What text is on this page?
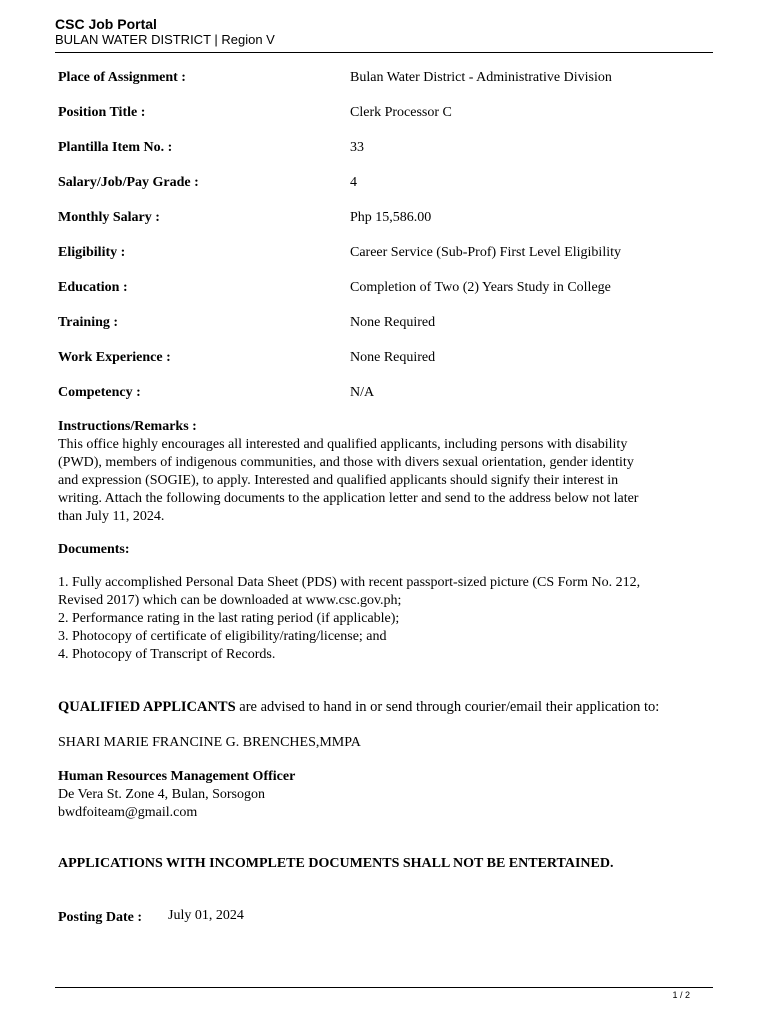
CSC Job Portal
BULAN WATER DISTRICT | Region V
Place of Assignment :	Bulan Water District - Administrative Division
Position Title :	Clerk Processor C
Plantilla Item No. :	33
Salary/Job/Pay Grade :	4
Monthly Salary :	Php 15,586.00
Eligibility :	Career Service (Sub-Prof) First Level Eligibility
Education :	Completion of Two (2) Years Study in College
Training :	None Required
Work Experience :	None Required
Competency :	N/A
Instructions/Remarks :
This office highly encourages all interested and qualified applicants, including persons with disability
(PWD), members of indigenous communities, and those with divers sexual orientation, gender identity
and expression (SOGIE), to apply. Interested and qualified applicants should signify their interest in
writing. Attach the following documents to the application letter and send to the address below not later
than July 11, 2024.
Documents:
1. Fully accomplished Personal Data Sheet (PDS) with recent passport-sized picture (CS Form No. 212,
Revised 2017) which can be downloaded at www.csc.gov.ph;
2. Performance rating in the last rating period (if applicable);
3. Photocopy of certificate of eligibility/rating/license; and
4. Photocopy of Transcript of Records.
QUALIFIED APPLICANTS are advised to hand in or send through courier/email their application to:
SHARI MARIE FRANCINE G. BRENCHES,MMPA
Human Resources Management Officer
De Vera St. Zone 4, Bulan, Sorsogon
bwdfoiteam@gmail.com
APPLICATIONS WITH INCOMPLETE DOCUMENTS SHALL NOT BE ENTERTAINED.
Posting Date : July 01, 2024
1 / 2
